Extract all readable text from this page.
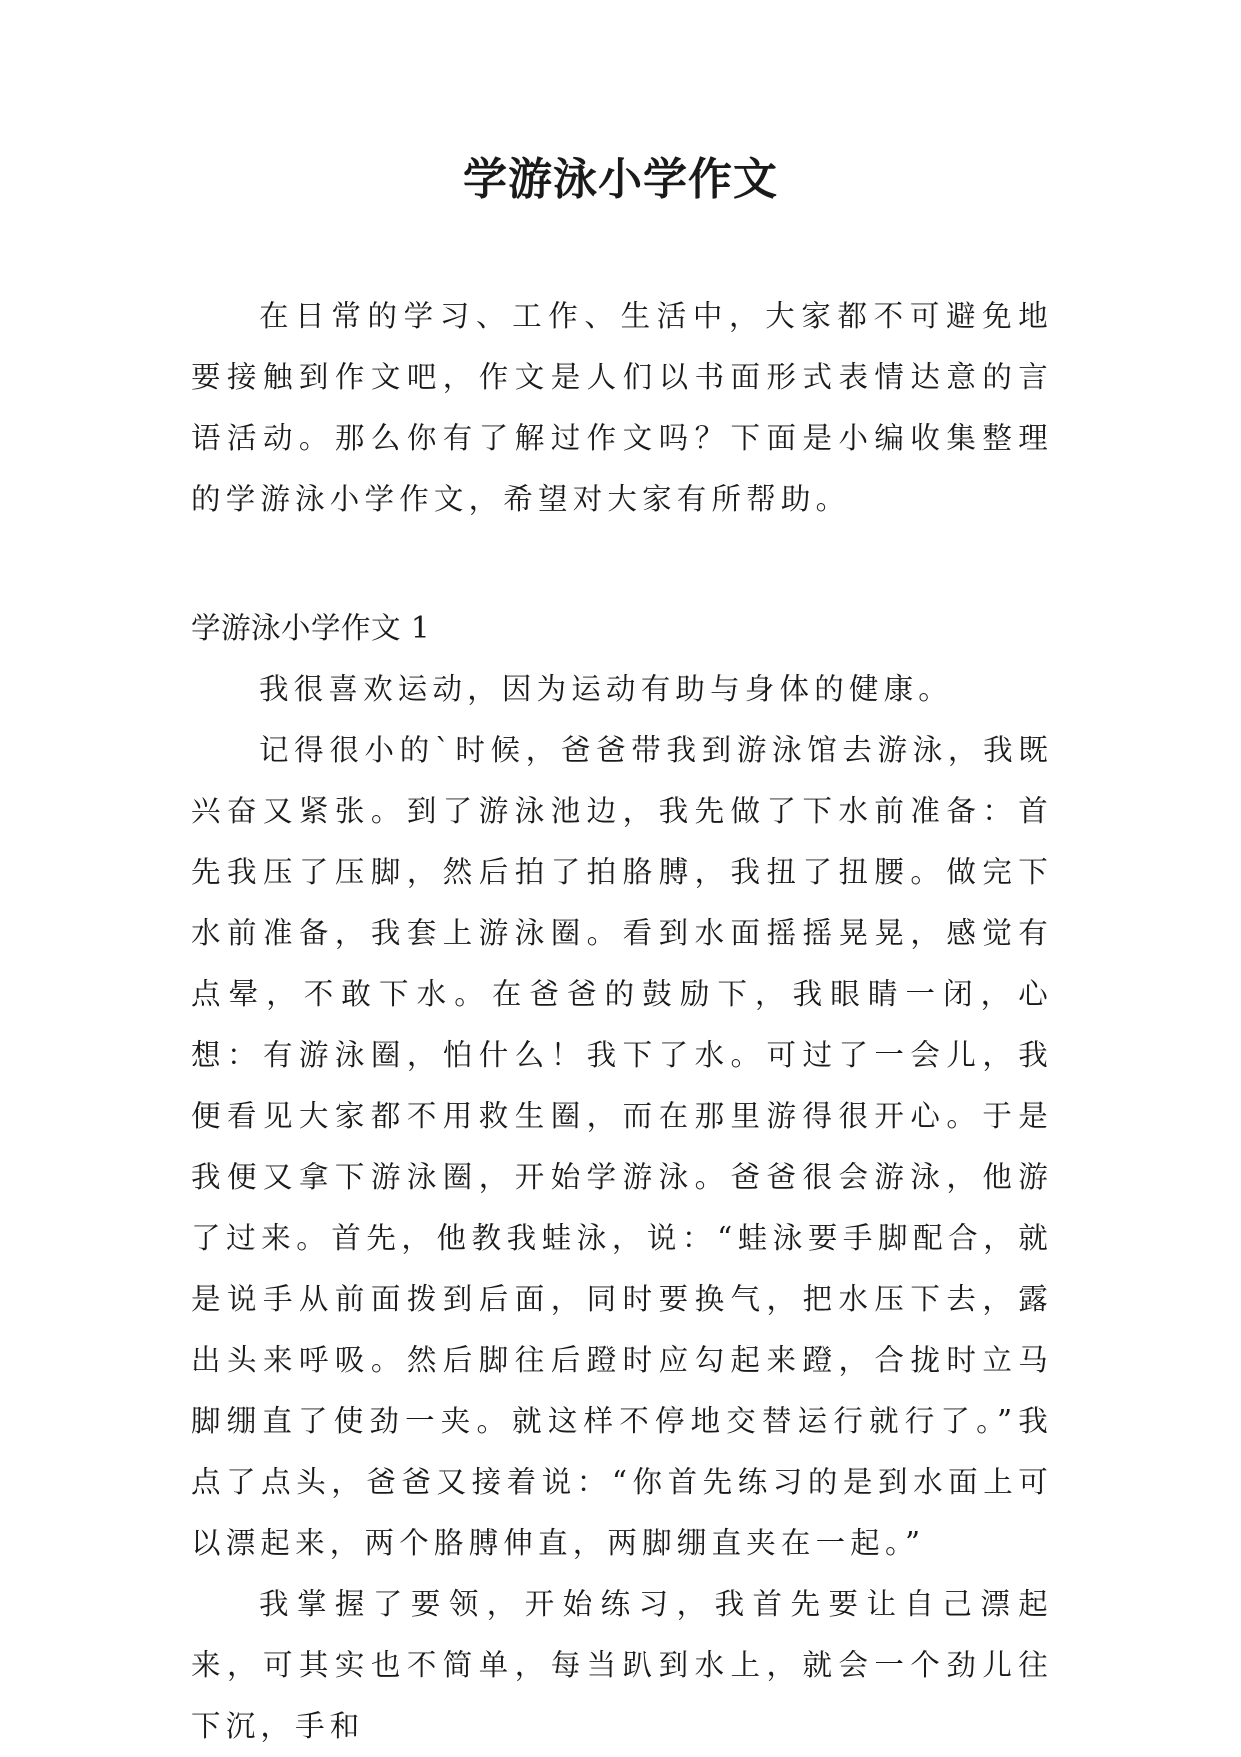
学游泳小学作文

在日常的学习、工作、生活中，大家都不可避免地要接触到作文吧，作文是人们以书面形式表情达意的言语活动。那么你有了解过作文吗？下面是小编收集整理的学游泳小学作文，希望对大家有所帮助。

学游泳小学作文 1

我很喜欢运动，因为运动有助与身体的健康。

记得很小的`时候，爸爸带我到游泳馆去游泳，我既兴奋又紧张。到了游泳池边，我先做了下水前准备：首先我压了压脚，然后拍了拍胳膊，我扭了扭腰。做完下水前准备，我套上游泳圈。看到水面摇摇晃晃，感觉有点晕，不敢下水。在爸爸的鼓励下，我眼睛一闭，心想：有游泳圈，怕什么！我下了水。可过了一会儿，我便看见大家都不用救生圈，而在那里游得很开心。于是我便又拿下游泳圈，开始学游泳。爸爸很会游泳，他游了过来。首先，他教我蛙泳，说：“蛙泳要手脚配合，就是说手从前面拨到后面，同时要换气，把水压下去，露出头来呼吸。然后脚往后蹬时应勾起来蹬，合拢时立马脚绷直了使劲一夹。就这样不停地交替运行就行了。”我点了点头，爸爸又接着说：“你首先练习的是到水面上可以漂起来，两个胳膊伸直，两脚绷直夹在一起。”

我掌握了要领，开始练习，我首先要让自己漂起来，可其实也不简单，每当趴到水上，就会一个劲儿往下沉，手和
